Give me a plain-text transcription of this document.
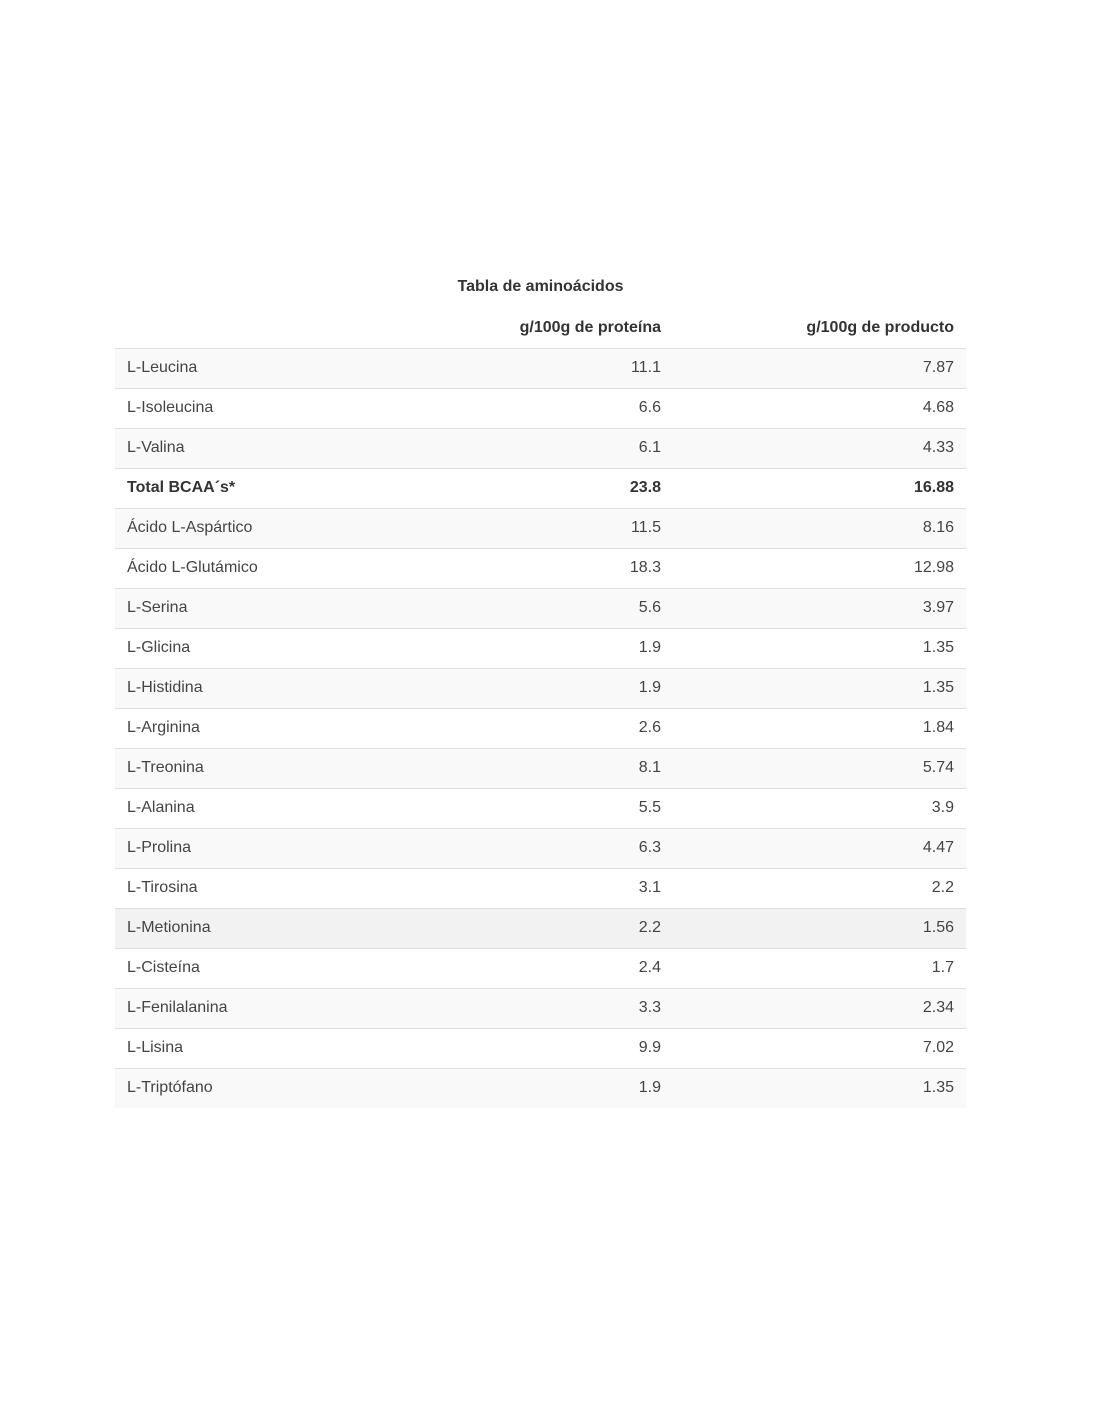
Tabla de aminoácidos
	g/100g de proteína	g/100g de producto
L-Leucina	11.1	7.87
L-Isoleucina	6.6	4.68
L-Valina	6.1	4.33
Total BCAA´s*	23.8	16.88
Ácido L-Aspártico	11.5	8.16
Ácido L-Glutámico	18.3	12.98
L-Serina	5.6	3.97
L-Glicina	1.9	1.35
L-Histidina	1.9	1.35
L-Arginina	2.6	1.84
L-Treonina	8.1	5.74
L-Alanina	5.5	3.9
L-Prolina	6.3	4.47
L-Tirosina	3.1	2.2
L-Metionina	2.2	1.56
L-Cisteína	2.4	1.7
L-Fenilalanina	3.3	2.34
L-Lisina	9.9	7.02
L-Triptófano	1.9	1.35
